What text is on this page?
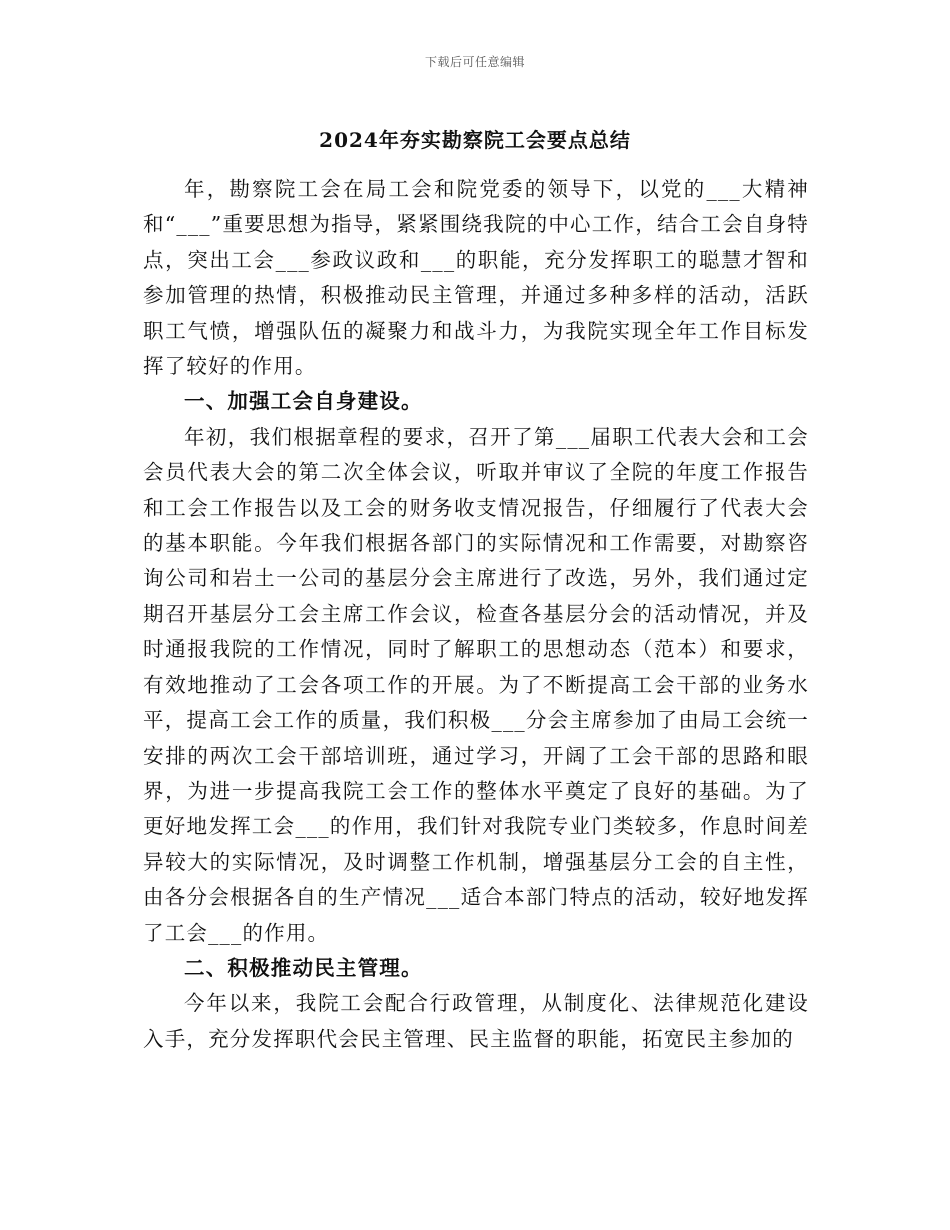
下载后可任意编辑
2024年夯实勘察院工会要点总结

年，勘察院工会在局工会和院党委的领导下，以党的___大精神和“___”重要思想为指导，紧紧围绕我院的中心工作，结合工会自身特点，突出工会___参政议政和___的职能，充分发挥职工的聪慧才智和参加管理的热情，积极推动民主管理，并通过多种多样的活动，活跃职工气愤，增强队伍的凝聚力和战斗力，为我院实现全年工作目标发挥了较好的作用。

一、加强工会自身建设。

年初，我们根据章程的要求，召开了第___届职工代表大会和工会会员代表大会的第二次全体会议，听取并审议了全院的年度工作报告和工会工作报告以及工会的财务收支情况报告，仔细履行了代表大会的基本职能。今年我们根据各部门的实际情况和工作需要，对勘察咨询公司和岩土一公司的基层分会主席进行了改选，另外，我们通过定期召开基层分工会主席工作会议，检查各基层分会的活动情况，并及时通报我院的工作情况，同时了解职工的思想动态（范本）和要求，有效地推动了工会各项工作的开展。为了不断提高工会干部的业务水平，提高工会工作的质量，我们积极___分会主席参加了由局工会统一安排的两次工会干部培训班，通过学习，开阔了工会干部的思路和眼界，为进一步提高我院工会工作的整体水平奠定了良好的基础。为了更好地发挥工会___的作用，我们针对我院专业门类较多，作息时间差异较大的实际情况，及时调整工作机制，增强基层分工会的自主性，由各分会根据各自的生产情况___适合本部门特点的活动，较好地发挥了工会___的作用。

二、积极推动民主管理。

今年以来，我院工会配合行政管理，从制度化、法律规范化建设入手，充分发挥职代会民主管理、民主监督的职能，拓宽民主参加的
